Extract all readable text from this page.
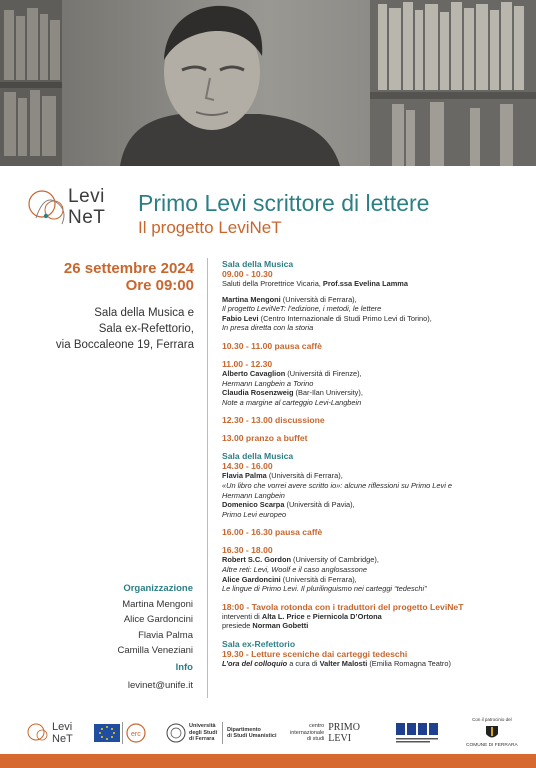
Levi
NeT
Primo Levi scrittore di lettere
Il progetto LeviNeT
26 settembre 2024
Ore 09:00
Sala della Musica e
Sala ex-Refettorio,
via Boccaleone 19, Ferrara
Organizzazione
Martina Mengoni
Alice Gardoncini
Flavia Palma
Camilla Veneziani
Info
levinet@unife.it
Sala della Musica
09.00 - 10.30
Saluti della Prorettrice Vicaria, Prof.ssa Evelina Lamma
Martina Mengoni (Università di Ferrara),
Il progetto LeviNeT: l’edizione, i metodi, le lettere
Fabio Levi (Centro Internazionale di Studi Primo Levi di Torino),
In presa diretta con la storia
10.30 - 11.00 pausa caffè
11.00 - 12.30
Alberto Cavaglion (Università di Firenze),
Hermann Langbein a Torino
Claudia Rosenzweig (Bar-Ilan University),
Note a margine al carteggio Levi-Langbein
12.30 - 13.00 discussione
13.00 pranzo a buffet
Sala della Musica
14.30 - 16.00
Flavia Palma (Università di Ferrara),
«Un libro che vorrei avere scritto io»: alcune riflessioni su Primo Levi e
Hermann Langbein
Domenico Scarpa (Università di Pavia),
Primo Levi europeo
16.00 - 16.30 pausa caffè
16.30 - 18.00
Robert S.C. Gordon (University of Cambridge),
Altre reti: Levi, Woolf e il caso anglosassone
Alice Gardoncini (Università di Ferrara),
Le lingue di Primo Levi. Il plurilinguismo nei carteggi “tedeschi”
18:00 - Tavola rotonda con i traduttori del progetto LeviNeT
interventi di Alta L. Price e Piernicola D’Ortona
presiede Norman Gobetti
Sala ex-Refettorio
19.30 - Letture sceniche dai carteggi tedeschi
L’ora del colloquio a cura di Valter Malosti (Emilia Romagna Teatro)
Levi
NeT	erc
Università
degli Studi
di Ferrara
Dipartimento
di Studi Umanistici
centro
internazionale
di studi
PRIMO
LEVI
Con il patrocinio del
COMUNE DI FERRARA
